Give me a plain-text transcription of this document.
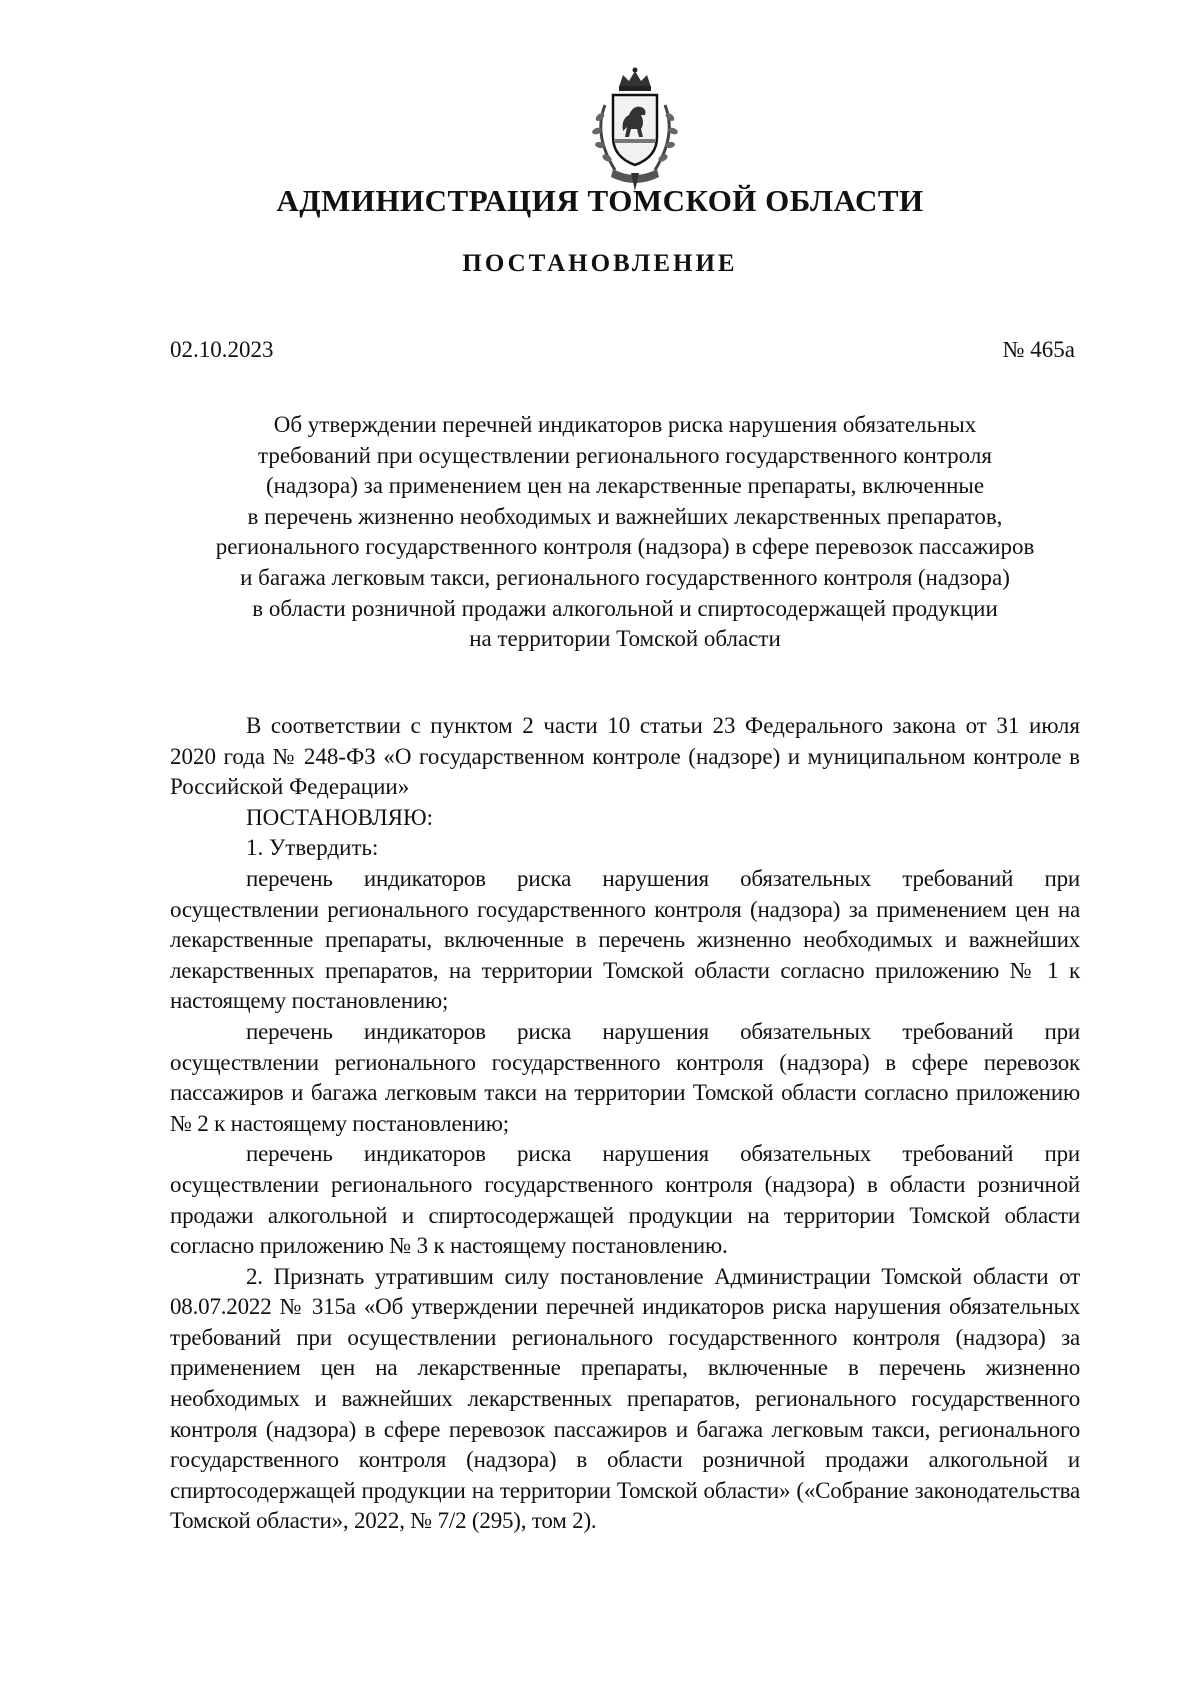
АДМИНИСТРАЦИЯ ТОМСКОЙ ОБЛАСТИ
ПОСТАНОВЛЕНИЕ
02.10.2023	№ 465а
Об утверждении перечней индикаторов риска нарушения обязательных
требований при осуществлении регионального государственного контроля
(надзора) за применением цен на лекарственные препараты, включенные
в перечень жизненно необходимых и важнейших лекарственных препаратов,
регионального государственного контроля (надзора) в сфере перевозок пассажиров
и багажа легковым такси, регионального государственного контроля (надзора)
в области розничной продажи алкогольной и спиртосодержащей продукции
на территории Томской области

В соответствии с пунктом 2 части 10 статьи 23 Федерального закона от 31 июля 2020 года № 248-ФЗ «О государственном контроле (надзоре) и муниципальном контроле в Российской Федерации»

ПОСТАНОВЛЯЮ:

1. Утвердить:

перечень индикаторов риска нарушения обязательных требований при осуществлении регионального государственного контроля (надзора) за применением цен на лекарственные препараты, включенные в перечень жизненно необходимых и важнейших лекарственных препаратов, на территории Томской области согласно приложению № 1 к настоящему постановлению;

перечень индикаторов риска нарушения обязательных требований при осуществлении регионального государственного контроля (надзора) в сфере перевозок пассажиров и багажа легковым такси на территории Томской области согласно приложению № 2 к настоящему постановлению;

перечень индикаторов риска нарушения обязательных требований при осуществлении регионального государственного контроля (надзора) в области розничной продажи алкогольной и спиртосодержащей продукции на территории Томской области согласно приложению № 3 к настоящему постановлению.

2. Признать утратившим силу постановление Администрации Томской области от 08.07.2022 № 315а «Об утверждении перечней индикаторов риска нарушения обязательных требований при осуществлении регионального государственного контроля (надзора) за применением цен на лекарственные препараты, включенные в перечень жизненно необходимых и важнейших лекарственных препаратов, регионального государственного контроля (надзора) в сфере перевозок пассажиров и багажа легковым такси, регионального государственного контроля (надзора) в области розничной продажи алкогольной и спиртосодержащей продукции на территории Томской области» («Собрание законодательства Томской области», 2022, № 7/2 (295), том 2).
